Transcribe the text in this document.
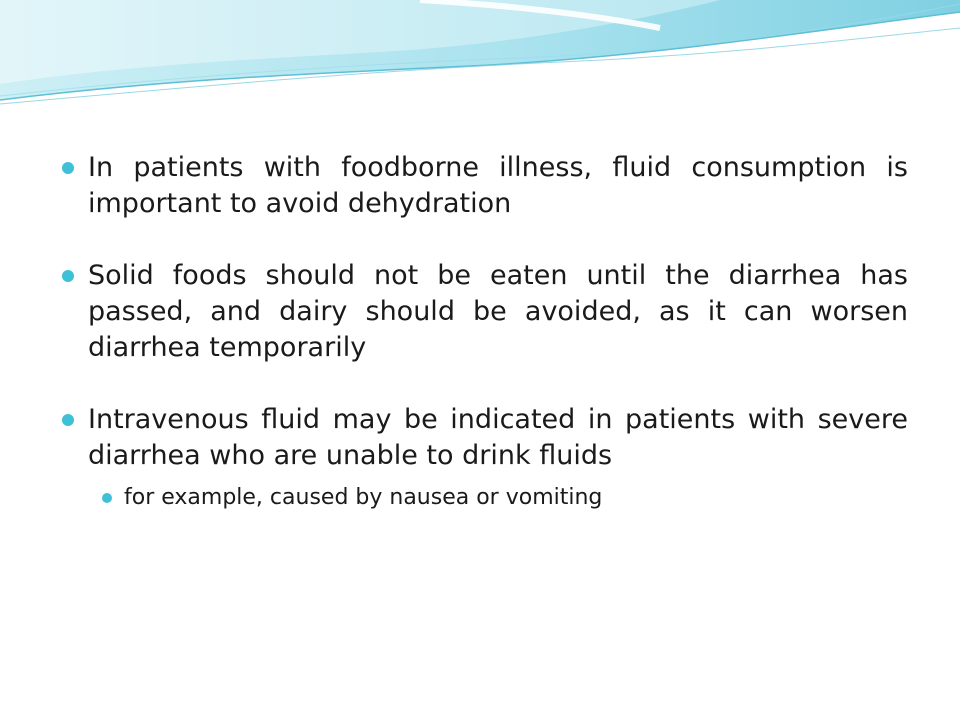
In patients with foodborne illness, fluid consumption is important to avoid dehydration
Solid foods should not be eaten until the diarrhea has passed, and dairy should be avoided, as it can worsen diarrhea temporarily
Intravenous fluid may be indicated in patients with severe diarrhea who are unable to drink fluids
for example, caused by nausea or vomiting
